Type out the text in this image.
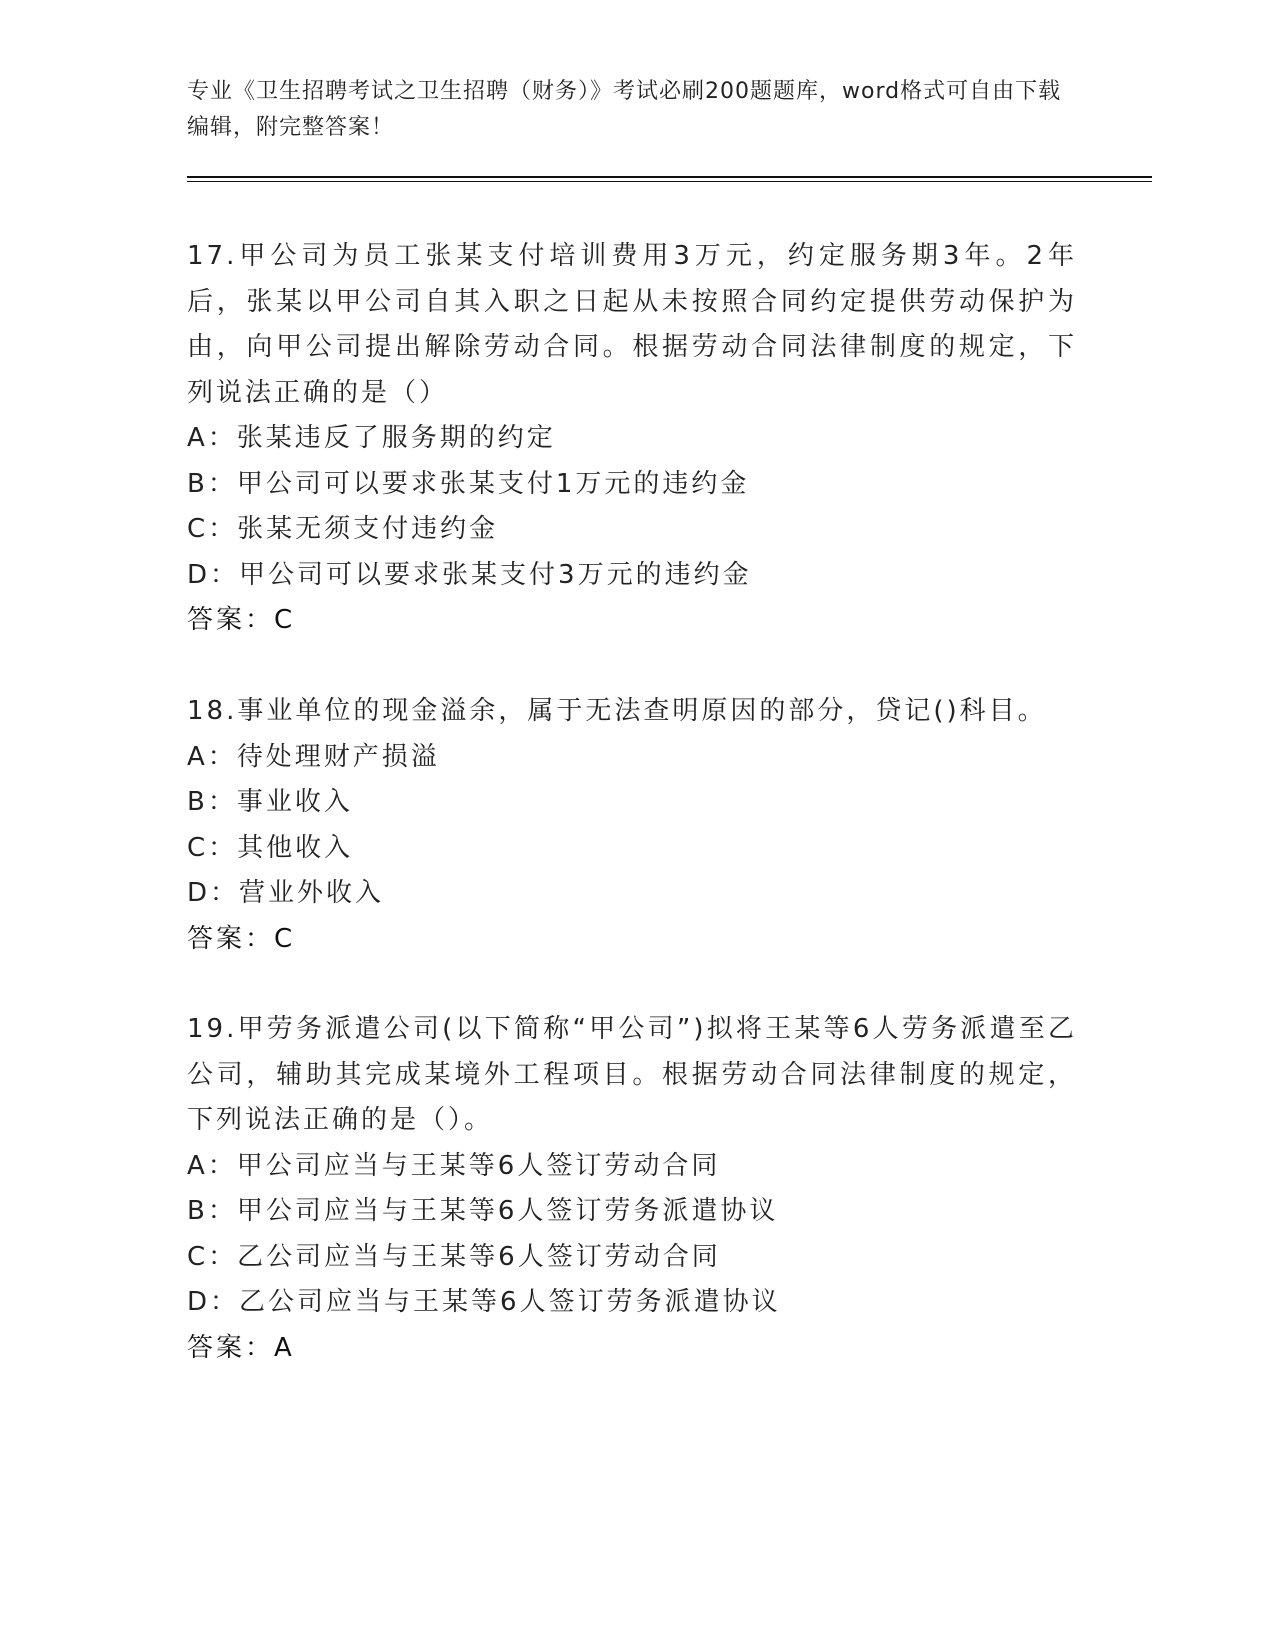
专业《卫生招聘考试之卫生招聘（财务）》考试必刷200题题库，word格式可自由下载编辑，附完整答案！
17.甲公司为员工张某支付培训费用3万元，约定服务期3年。2年后，张某以甲公司自其入职之日起从未按照合同约定提供劳动保护为由，向甲公司提出解除劳动合同。根据劳动合同法律制度的规定，下列说法正确的是（）
A：张某违反了服务期的约定
B：甲公司可以要求张某支付1万元的违约金
C：张某无须支付违约金
D：甲公司可以要求张某支付3万元的违约金
答案：C
18.事业单位的现金溢余，属于无法查明原因的部分，贷记()科目。
A：待处理财产损溢
B：事业收入
C：其他收入
D：营业外收入
答案：C
19.甲劳务派遣公司(以下简称“甲公司”)拟将王某等6人劳务派遣至乙公司，辅助其完成某境外工程项目。根据劳动合同法律制度的规定，下列说法正确的是（）。
A：甲公司应当与王某等6人签订劳动合同
B：甲公司应当与王某等6人签订劳务派遣协议
C：乙公司应当与王某等6人签订劳动合同
D：乙公司应当与王某等6人签订劳务派遣协议
答案：A
